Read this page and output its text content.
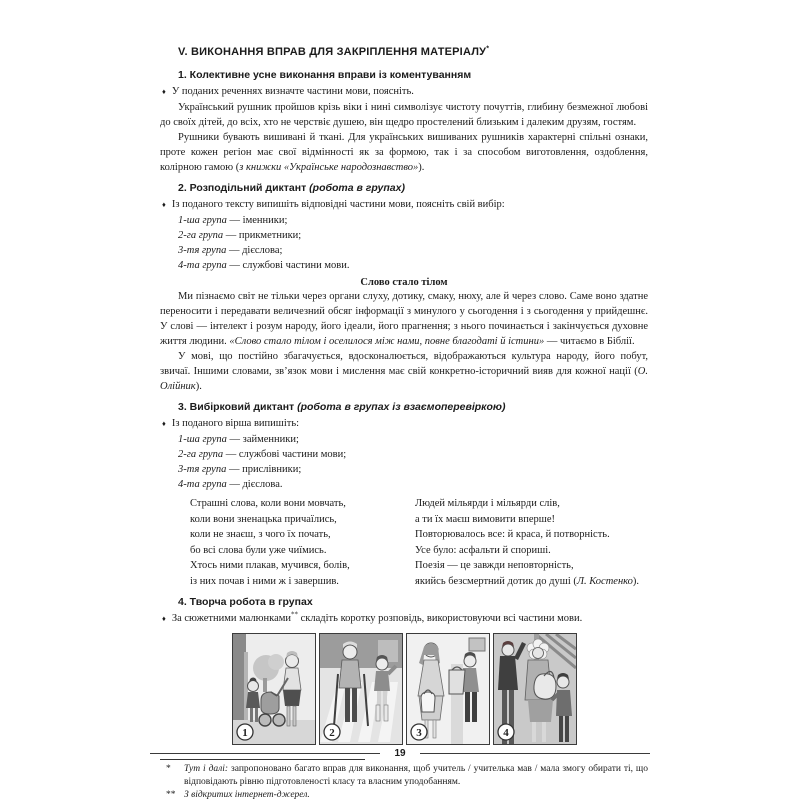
V. ВИКОНАННЯ ВПРАВ ДЛЯ ЗАКРІПЛЕННЯ МАТЕРІАЛУ*
1. Колективне усне виконання вправи із коментуванням
♦ У поданих реченнях визначте частини мови, поясніть.

Український рушник пройшов крізь віки і нині символізує чистоту почуттів, глибину безмежної любові до своїх дітей, до всіх, хто не черствіє душею, він щедро простелений близьким і далеким друзям, гостям.

Рушники бувають вишивані й ткані. Для українських вишиваних рушників характерні спільні ознаки, проте кожен регіон має свої відмінності як за формою, так і за способом виготовлення, оздоблення, колірною гамою (з книжки «Українське народознавство»).

2. Розподільний диктант (робота в групах)
♦ Із поданого тексту випишіть відповідні частини мови, поясніть свій вибір:
1-ша група — іменники;
2-га група — прикметники;
3-тя група — дієслова;
4-та група — службові частини мови.
Слово стало тілом

Ми пізнаємо світ не тільки через органи слуху, дотику, смаку, нюху, але й через слово. Саме воно здатне переносити і передавати величезний обсяг інформації з минулого у сьогодення і з сьогодення у прийдешнє. У слові — інтелект і розум народу, його ідеали, його прагнення; з нього починається і закінчується духовне життя людини. «Слово стало тілом і оселилося між нами, повне благодаті й істини» — читаємо в Біблії.

У мові, що постійно збагачується, вдосконалюється, відображаються культура народу, його побут, звичаї. Іншими словами, зв’язок мови і мислення має свій конкретно-історичний вияв для кожної нації (О. Олійник).

3. Вибірковий диктант (робота в групах із взаємоперевіркою)
♦ Із поданого вірша випишіть:
1-ша група — займенники;
2-га група — службові частини мови;
3-тя група — прислівники;
4-та група — дієслова.
Страшні слова, коли вони мовчать,
коли вони зненацька причаїлись,
коли не знаєш, з чого їх почать,
бо всі слова були уже чиїмись.
Хтось ними плакав, мучився, болів,
із них почав і ними ж і завершив.
Людей мільярди і мільярди слів,
а ти їх маєш вимовити вперше!
Повторювалось все: й краса, й потворність.
Усе було: асфальти й спориші.
Поезія — це завжди неповторність,
якийсь безсмертний дотик до душі (Л. Костенко).
4. Творча робота в групах
♦ За сюжетними малюнками** складіть коротку розповідь, використовуючи всі частини мови.
1	2	3	4
*	Тут і далі: запропоновано багато вправ для виконання, щоб учитель / учителька мав / мала змогу обирати ті, що відповідають рівню підготовленості класу та власним уподобанням.
** З відкритих інтернет-джерел.
19
